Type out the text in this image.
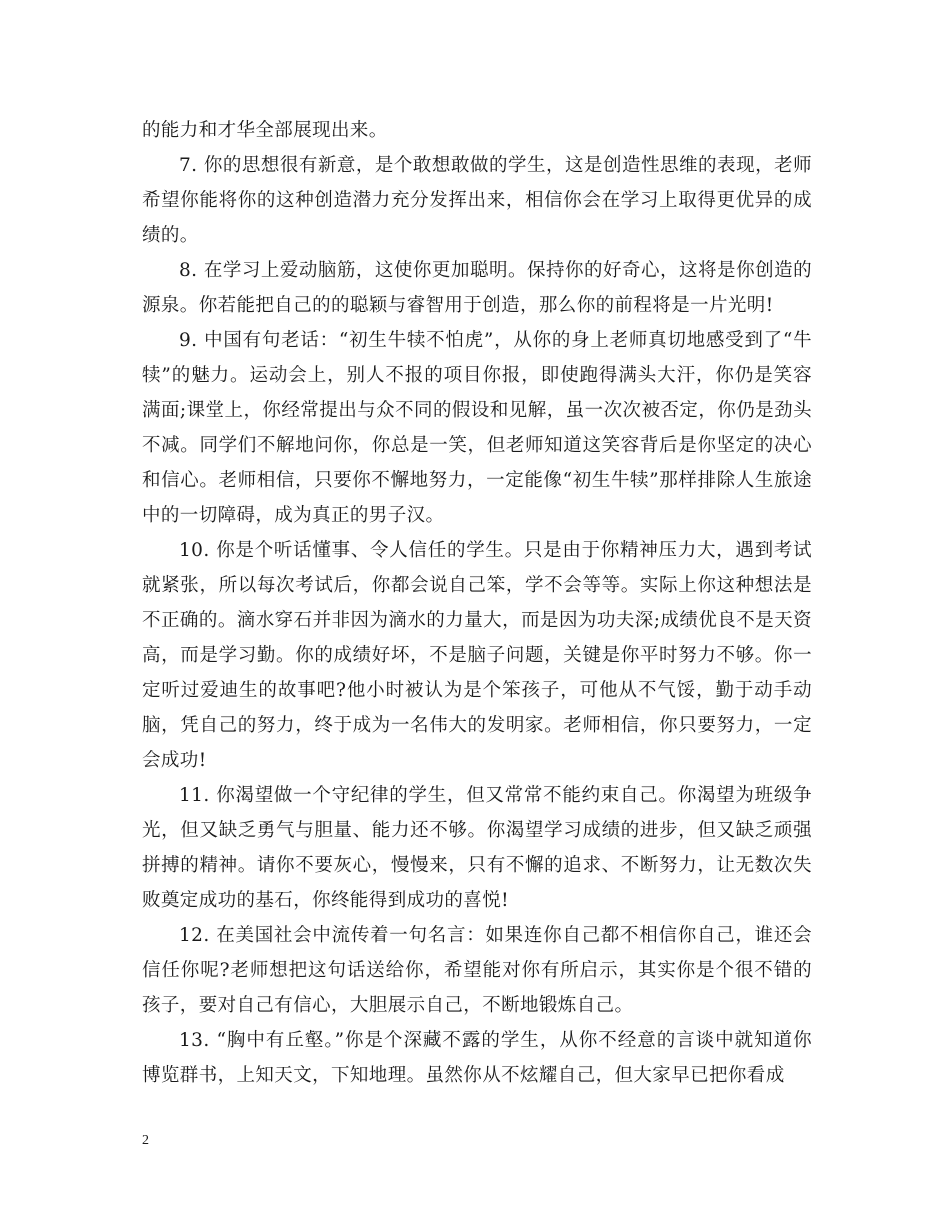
的能力和才华全部展现出来。

7. 你的思想很有新意，是个敢想敢做的学生，这是创造性思维的表现，老师希望你能将你的这种创造潜力充分发挥出来，相信你会在学习上取得更优异的成绩的。

8. 在学习上爱动脑筋，这使你更加聪明。保持你的好奇心，这将是你创造的源泉。你若能把自己的的聪颖与睿智用于创造，那么你的前程将是一片光明!

9. 中国有句老话：“初生牛犊不怕虎”，从你的身上老师真切地感受到了“牛犊”的魅力。运动会上，别人不报的项目你报，即使跑得满头大汗，你仍是笑容满面;课堂上，你经常提出与众不同的假设和见解，虽一次次被否定，你仍是劲头不减。同学们不解地问你，你总是一笑，但老师知道这笑容背后是你坚定的决心和信心。老师相信，只要你不懈地努力，一定能像“初生牛犊”那样排除人生旅途中的一切障碍，成为真正的男子汉。

10. 你是个听话懂事、令人信任的学生。只是由于你精神压力大，遇到考试就紧张，所以每次考试后，你都会说自己笨，学不会等等。实际上你这种想法是不正确的。滴水穿石并非因为滴水的力量大，而是因为功夫深;成绩优良不是天资高，而是学习勤。你的成绩好坏，不是脑子问题，关键是你平时努力不够。你一定听过爱迪生的故事吧?他小时被认为是个笨孩子，可他从不气馁，勤于动手动脑，凭自己的努力，终于成为一名伟大的发明家。老师相信，你只要努力，一定会成功!

11. 你渴望做一个守纪律的学生，但又常常不能约束自己。你渴望为班级争光，但又缺乏勇气与胆量、能力还不够。你渴望学习成绩的进步，但又缺乏顽强拼搏的精神。请你不要灰心，慢慢来，只有不懈的追求、不断努力，让无数次失败奠定成功的基石，你终能得到成功的喜悦!

12. 在美国社会中流传着一句名言：如果连你自己都不相信你自己，谁还会信任你呢?老师想把这句话送给你，希望能对你有所启示，其实你是个很不错的孩子，要对自己有信心，大胆展示自己，不断地锻炼自己。

13. “胸中有丘壑。”你是个深藏不露的学生，从你不经意的言谈中就知道你博览群书，上知天文，下知地理。虽然你从不炫耀自己，但大家早已把你看成

2
